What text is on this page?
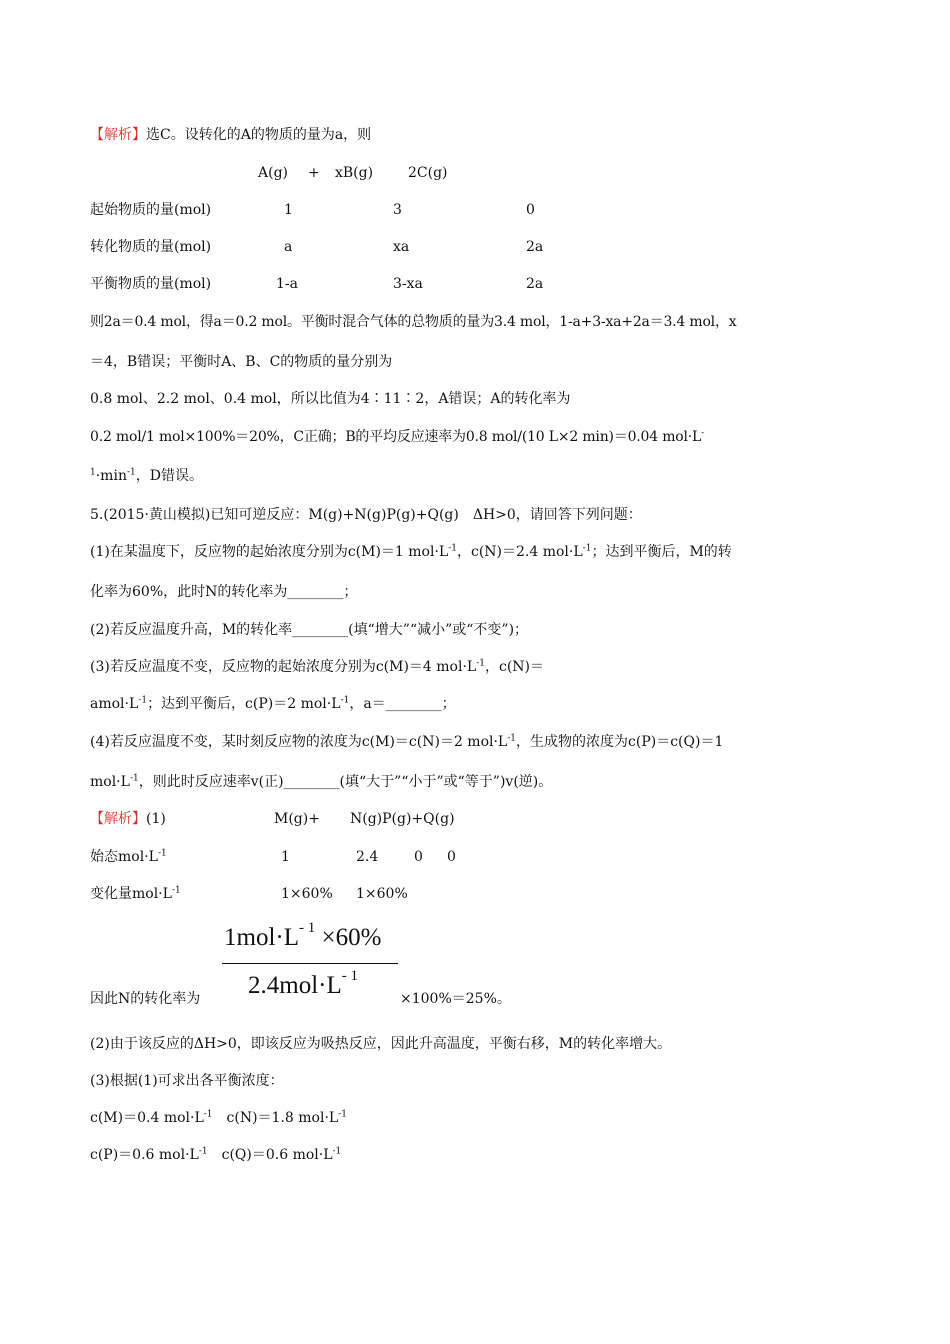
【解析】选C。设转化的A的物质的量为a，则
A(g) + xB(g) 2C(g)
起始物质的量(mol)	1	3	0
转化物质的量(mol)	a	xa	2a
平衡物质的量(mol)	1-a	3-xa	2a
则2a＝0.4 mol，得a＝0.2 mol。平衡时混合气体的总物质的量为3.4 mol，1-a+3-xa+2a＝3.4 mol，x
＝4，B错误；平衡时A、B、C的物质的量分别为
0.8 mol、2.2 mol、0.4 mol，所以比值为4∶11∶2，A错误；A的转化率为
0.2 mol/1 mol×100%＝20%，C正确；B的平均反应速率为0.8 mol/(10 L×2 min)＝0.04 mol·L-
$^1\cdot\min^{-1}$，D错误。
5.(2015·黄山模拟)已知可逆反应：M(g)+N(g)P(g)+Q(g)　ΔH>0，请回答下列问题：
(1)在某温度下，反应物的起始浓度分别为c(M)＝1 $mol\cdot L^{-1}$，c(N)＝2.4 $mol\cdot L^{-1}$；达到平衡后，M的转
化率为60%，此时N的转化率为________；
(2)若反应温度升高，M的转化率________(填“增大”“减小”或“不变”)；
(3)若反应温度不变，反应物的起始浓度分别为c(M)＝4 $mol\cdot L^{-1}$，c(N)＝
$amol\cdot L^{-1}$；达到平衡后，c(P)＝2 $mol\cdot L^{-1}$，a＝________；
(4)若反应温度不变，某时刻反应物的浓度为c(M)＝c(N)＝2 $mol\cdot L^{-1}$，生成物的浓度为c(P)＝c(Q)＝1
$mol\cdot L^{-1}$，则此时反应速率v(正)________(填“大于”“小于”或“等于”)v(逆)。
【解析】(1)	M(g)+ N(g)P(g)+Q(g)
始态$mol\cdot L^{-1}$	1	2.4	0 0
变化量$mol\cdot L^{-1}$	1×60% 1×60%
$1mol\cdot L^{- 1} \times 60\%$
$2.4mol\cdot L^{- 1}$
因此N的转化率为	×100%＝25%。
(2)由于该反应的ΔH>0，即该反应为吸热反应，因此升高温度，平衡右移，M的转化率增大。
(3)根据(1)可求出各平衡浓度：
c(M)＝0.4 $mol\cdot L^{-1}$　c(N)＝1.8 $mol\cdot L^{-1}$
c(P)＝0.6 $mol\cdot L^{-1}$　c(Q)＝0.6 $mol\cdot L^{-1}$
